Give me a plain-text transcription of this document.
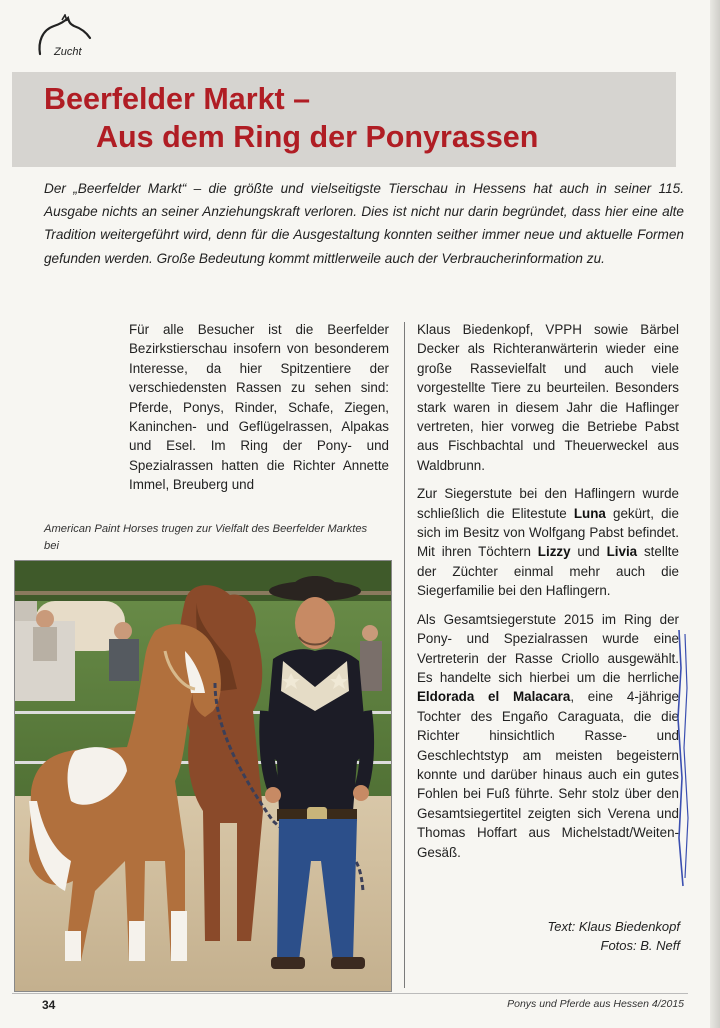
Zucht
Beerfelder Markt –
Aus dem Ring der Ponyrassen

Der „Beerfelder Markt“ – die größte und vielseitigste Tierschau in Hessens hat auch in seiner 115. Ausgabe nichts an seiner Anziehungskraft verloren. Dies ist nicht nur darin begründet, dass hier eine alte Tradition weitergeführt wird, denn für die Ausgestaltung konnten seither immer neue und aktuelle Formen gefunden werden. Große Bedeutung kommt mittlerweile auch der Verbraucherinformation zu.

Für alle Besucher ist die Beerfelder Bezirkstierschau insofern von besonderem Interesse, da hier Spitzentiere der verschiedensten Rassen zu sehen sind: Pferde, Ponys, Rinder, Schafe, Ziegen, Kaninchen- und Geflügelrassen, Alpakas und Esel. Im Ring der Pony- und Spezialrassen hatten die Richter Annette Immel, Breuberg und

Klaus Biedenkopf, VPPH sowie Bärbel Decker als Richteranwärterin wieder eine große Rassevielfalt und auch viele vorgestellte Tiere zu beurteilen. Besonders stark waren in diesem Jahr die Haflinger vertreten, hier vorweg die Betriebe Pabst aus Fischbachtal und Theuerweckel aus Waldbrunn.

Zur Siegerstute bei den Haflingern wurde schließlich die Elitestute Luna gekürt, die sich im Besitz von Wolfgang Pabst befindet. Mit ihren Töchtern Lizzy und Livia stellte der Züchter einmal mehr auch die Siegerfamilie bei den Haflingern.

Als Gesamtsiegerstute 2015 im Ring der Pony- und Spezialrassen wurde eine Vertreterin der Rasse Criollo ausgewählt. Es handelte sich hierbei um die herrliche Eldorada el Malacara, eine 4-jährige Tochter des Engaño Caraguata, die die Richter hinsichtlich Rasse- und Geschlechtstyp am meisten begeistern konnte und darüber hinaus auch ein gutes Fohlen bei Fuß führte. Sehr stolz über den Gesamtsiegertitel zeigten sich Verena und Thomas Hoffart aus Michelstadt/Weiten-Gesäß.

American Paint Horses trugen zur Vielfalt des Beerfelder Marktes bei

Text: Klaus Biedenkopf
Fotos: B. Neff
34	Ponys und Pferde aus Hessen 4/2015
